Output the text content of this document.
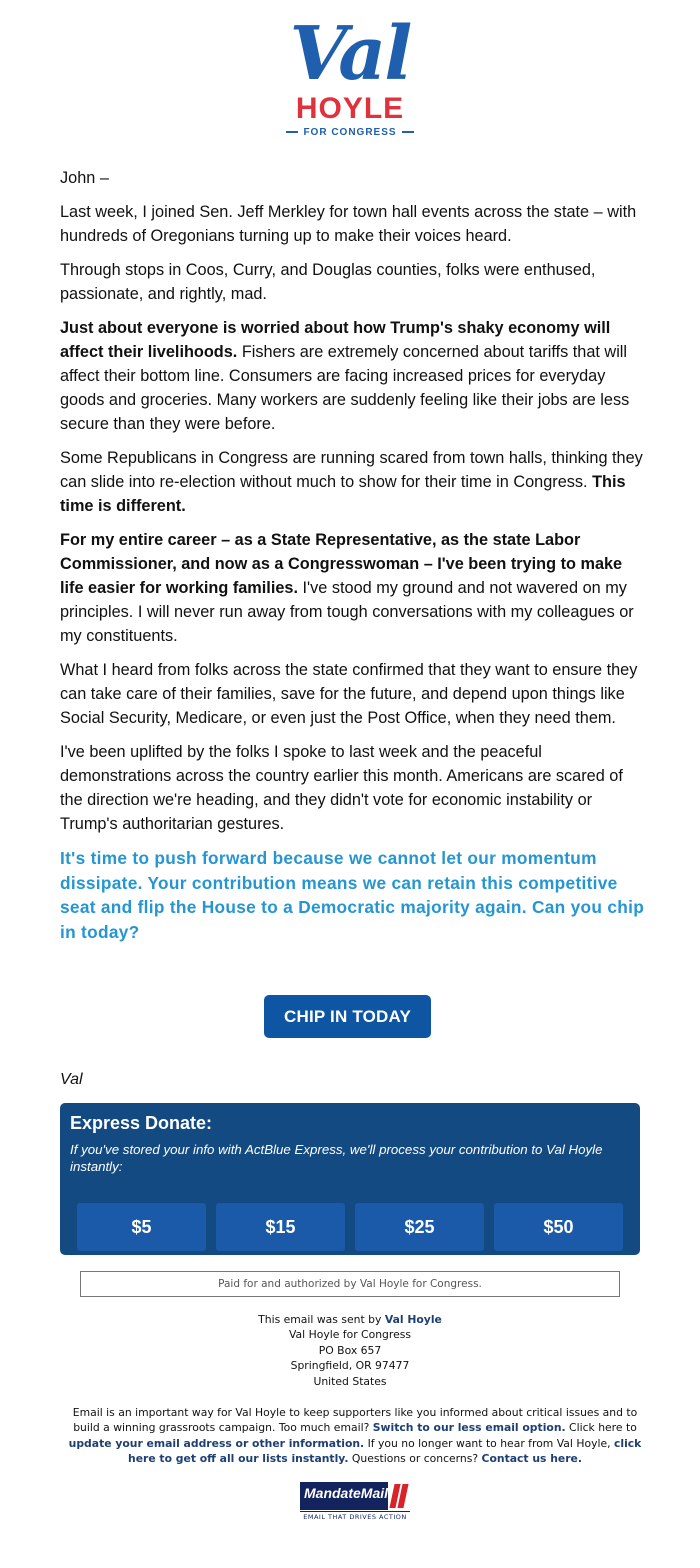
Val
HOYLE
FOR CONGRESS

John –

Last week, I joined Sen. Jeff Merkley for town hall events across the state – with hundreds of Oregonians turning up to make their voices heard.

Through stops in Coos, Curry, and Douglas counties, folks were enthused, passionate, and rightly, mad.

Just about everyone is worried about how Trump's shaky economy will affect their livelihoods. Fishers are extremely concerned about tariffs that will affect their bottom line. Consumers are facing increased prices for everyday goods and groceries. Many workers are suddenly feeling like their jobs are less secure than they were before.

Some Republicans in Congress are running scared from town halls, thinking they can slide into re-election without much to show for their time in Congress. This time is different.

For my entire career – as a State Representative, as the state Labor Commissioner, and now as a Congresswoman – I've been trying to make life easier for working families. I've stood my ground and not wavered on my principles. I will never run away from tough conversations with my colleagues or my constituents.

What I heard from folks across the state confirmed that they want to ensure they can take care of their families, save for the future, and depend upon things like Social Security, Medicare, or even just the Post Office, when they need them.

I've been uplifted by the folks I spoke to last week and the peaceful demonstrations across the country earlier this month. Americans are scared of the direction we're heading, and they didn't vote for economic instability or Trump's authoritarian gestures.

It's time to push forward because we cannot let our momentum dissipate. Your contribution means we can retain this competitive seat and flip the House to a Democratic majority again. Can you chip in today?

CHIP IN TODAY
Val
Express Donate:
If you've stored your info with ActBlue Express, we'll process your contribution to Val Hoyle instantly:
$5	$15	$25	$50
Paid for and authorized by Val Hoyle for Congress.
This email was sent by Val Hoyle
Val Hoyle for Congress
PO Box 657
Springfield, OR 97477
United States
Email is an important way for Val Hoyle to keep supporters like you informed about critical issues and to build a winning grassroots campaign. Too much email? Switch to our less email option. Click here to update your email address or other information. If you no longer want to hear from Val Hoyle, click here to get off all our lists instantly. Questions or concerns? Contact us here.
MandateMail
EMAIL THAT DRIVES ACTION
